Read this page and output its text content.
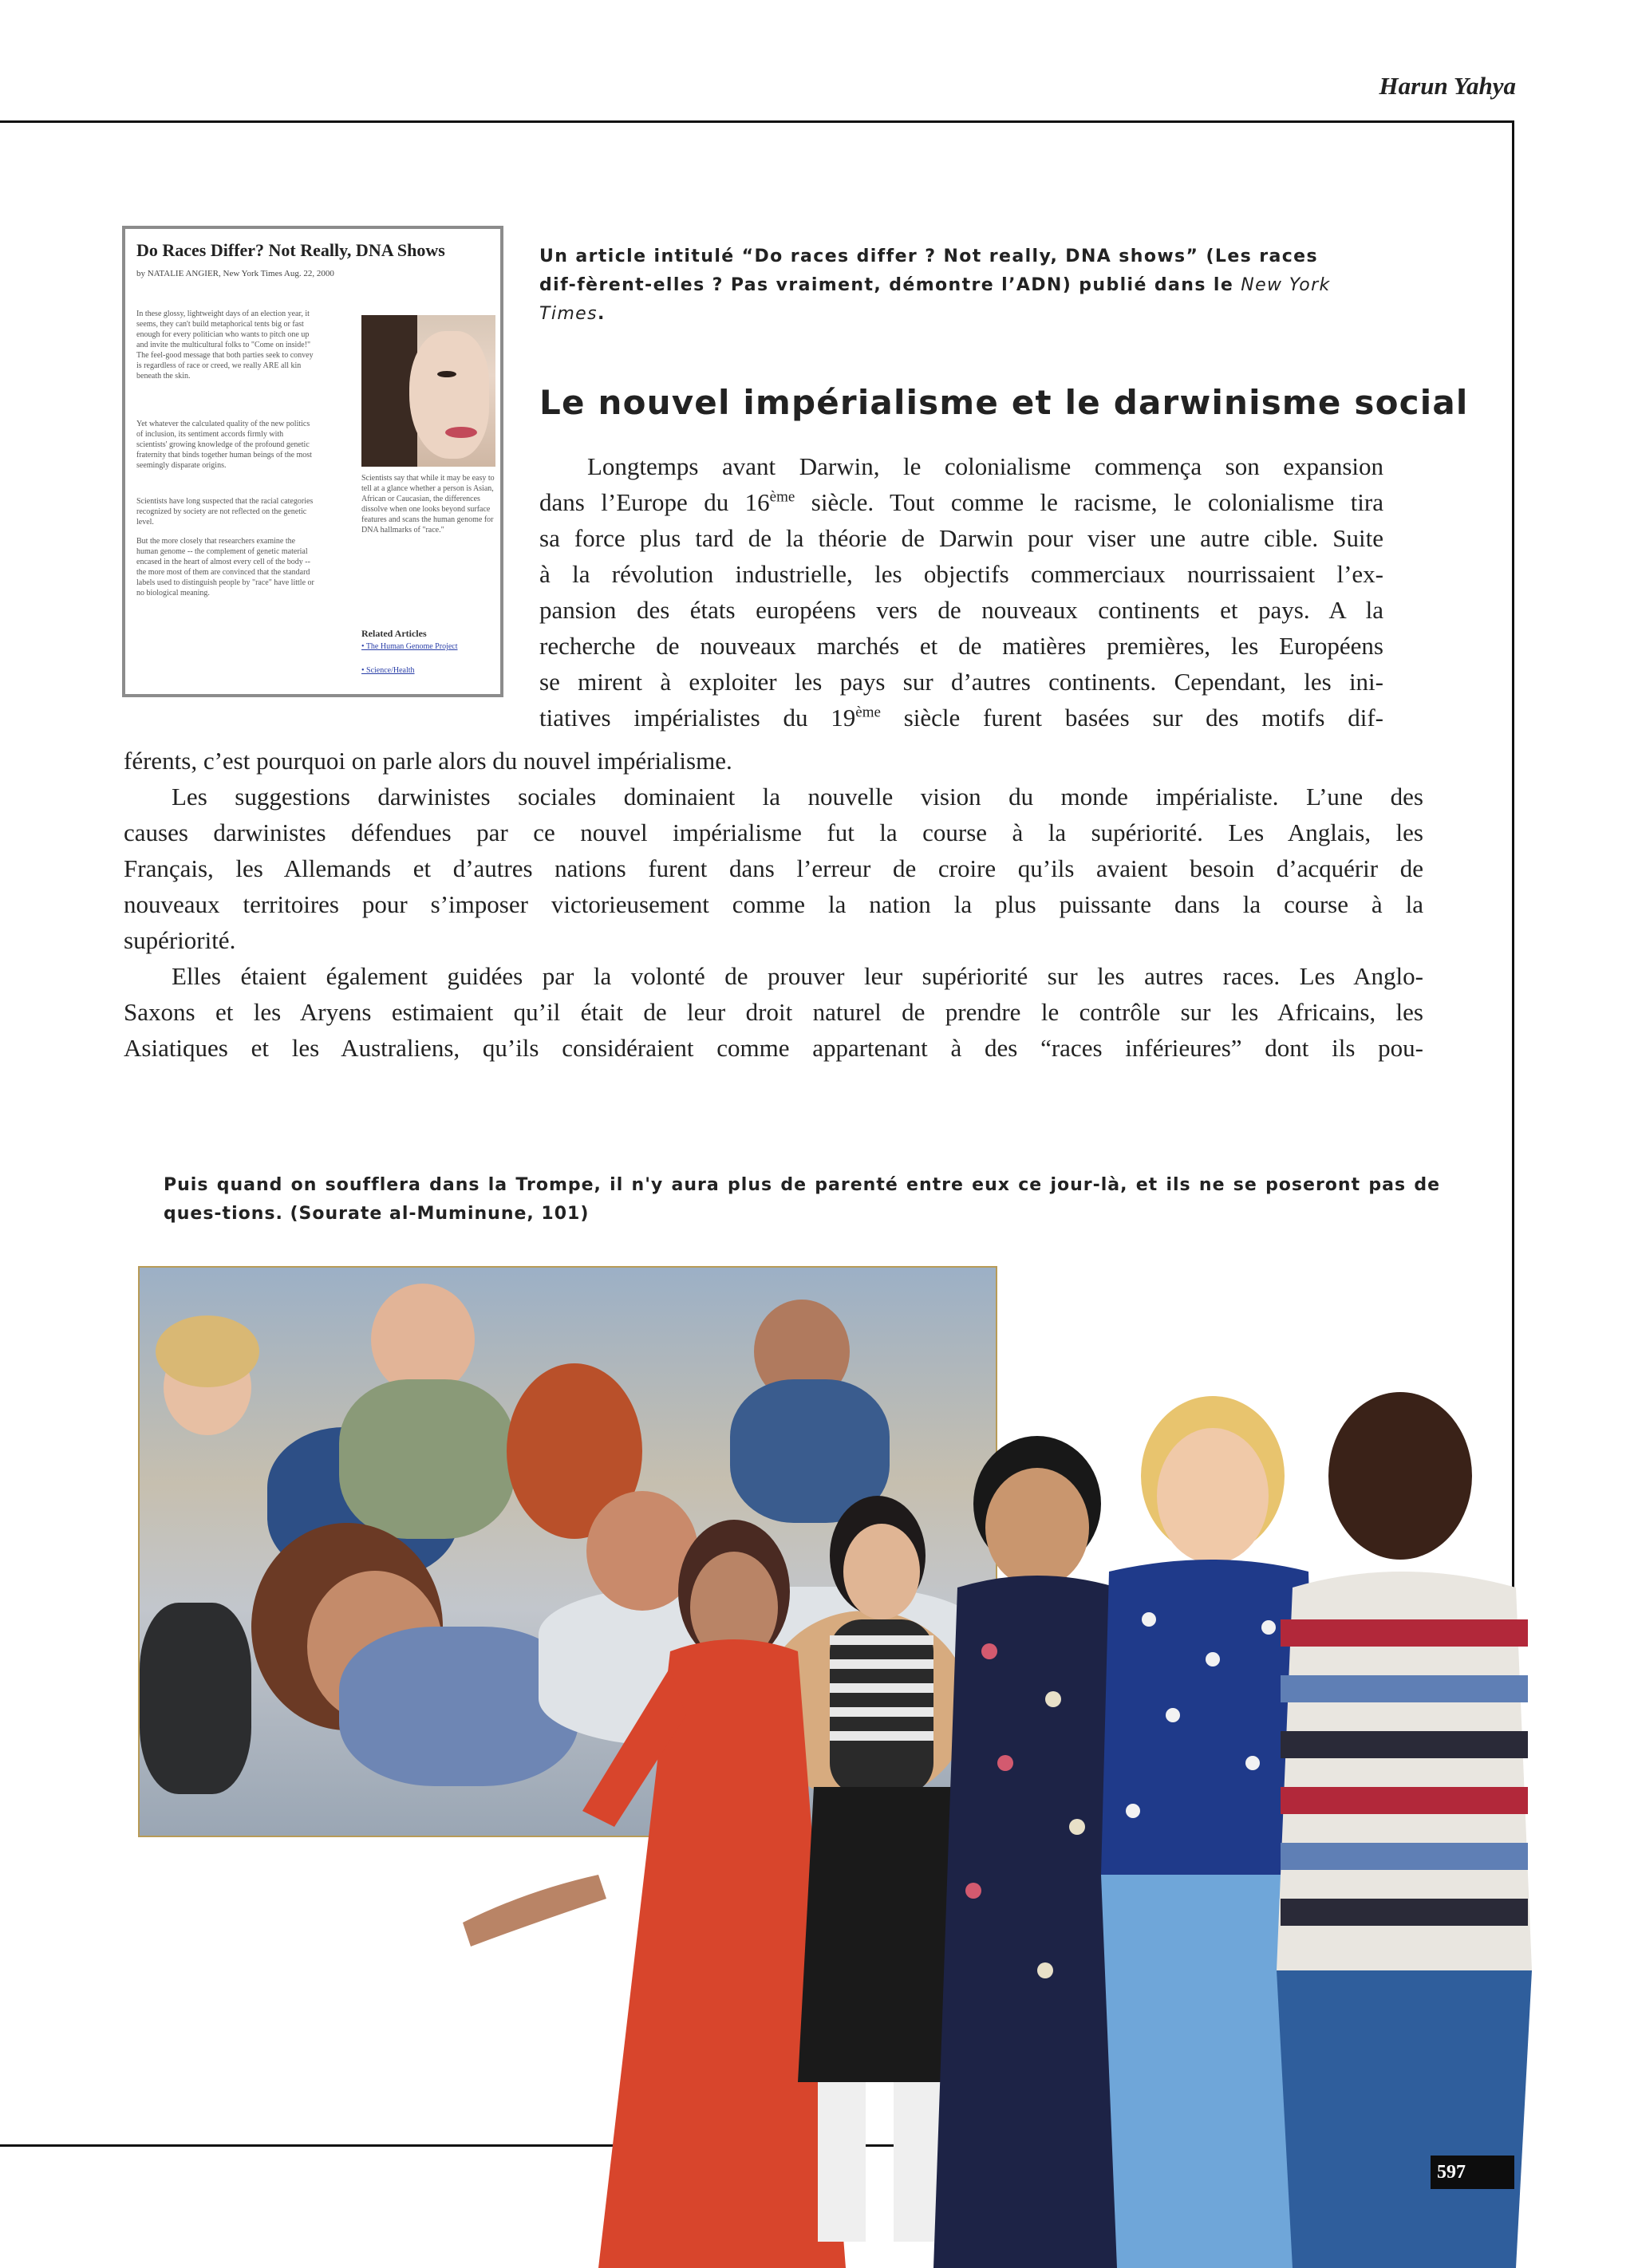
Harun Yahya
Do Races Differ? Not Really, DNA Shows
by NATALIE ANGIER, New York Times Aug. 22, 2000

In these glossy, lightweight days of an election year, it seems, they can't build metaphorical tents big or fast enough for every politician who wants to pitch one up and invite the multicultural folks to "Come on inside!" The feel-good message that both parties seek to convey is regardless of race or creed, we really ARE all kin beneath the skin.

Yet whatever the calculated quality of the new politics of inclusion, its sentiment accords firmly with scientists' growing knowledge of the profound genetic fraternity that binds together human beings of the most seemingly disparate origins.

Scientists have long suspected that the racial categories recognized by society are not reflected on the genetic level.

But the more closely that researchers examine the human genome -- the complement of genetic material encased in the heart of almost every cell of the body -- the more most of them are convinced that the standard labels used to distinguish people by "race" have little or no biological meaning.

Scientists say that while it may be easy to tell at a glance whether a person is Asian, African or Caucasian, the differences dissolve when one looks beyond surface features and scans the human genome for DNA hallmarks of "race."

Related Articles
• The Human Genome Project
• Science/Health

Un article intitulé “Do races differ ? Not really, DNA shows” (Les races dif-fèrent-elles ? Pas vraiment, démontre l’ADN) publié dans le New York Times.

Le nouvel impérialisme et le darwinisme social

Longtemps avant Darwin, le colonialisme commença son expansion

dans l’Europe du 16ème siècle. Tout comme le racisme, le colonialisme tira

sa force plus tard de la théorie de Darwin pour viser une autre cible. Suite

à la révolution industrielle, les objectifs commerciaux nourrissaient l’ex-

pansion des états européens vers de nouveaux continents et pays. A la

recherche de nouveaux marchés et de matières premières, les Européens

se mirent à exploiter les pays sur d’autres continents. Cependant, les ini-

tiatives impérialistes du 19ème siècle furent basées sur des motifs dif-

férents, c’est pourquoi on parle alors du nouvel impérialisme.

Les suggestions darwinistes sociales dominaient la nouvelle vision du monde impérialiste. L’une des

causes darwinistes défendues par ce nouvel impérialisme fut la course à la supériorité. Les Anglais, les

Français, les Allemands et d’autres nations furent dans l’erreur de croire qu’ils avaient besoin d’acquérir de

nouveaux territoires pour s’imposer victorieusement comme la nation la plus puissante dans la course à la

supériorité.

Elles étaient également guidées par la volonté de prouver leur supériorité sur les autres races. Les Anglo-

Saxons et les Aryens estimaient qu’il était de leur droit naturel de prendre le contrôle sur les Africains, les

Asiatiques et les Australiens, qu’ils considéraient comme appartenant à des “races inférieures” dont ils pou-

Puis quand on soufflera dans la Trompe, il n'y aura plus de parenté entre eux ce jour-là, et ils ne se poseront pas de ques-tions. (Sourate al-Muminune, 101)

597
